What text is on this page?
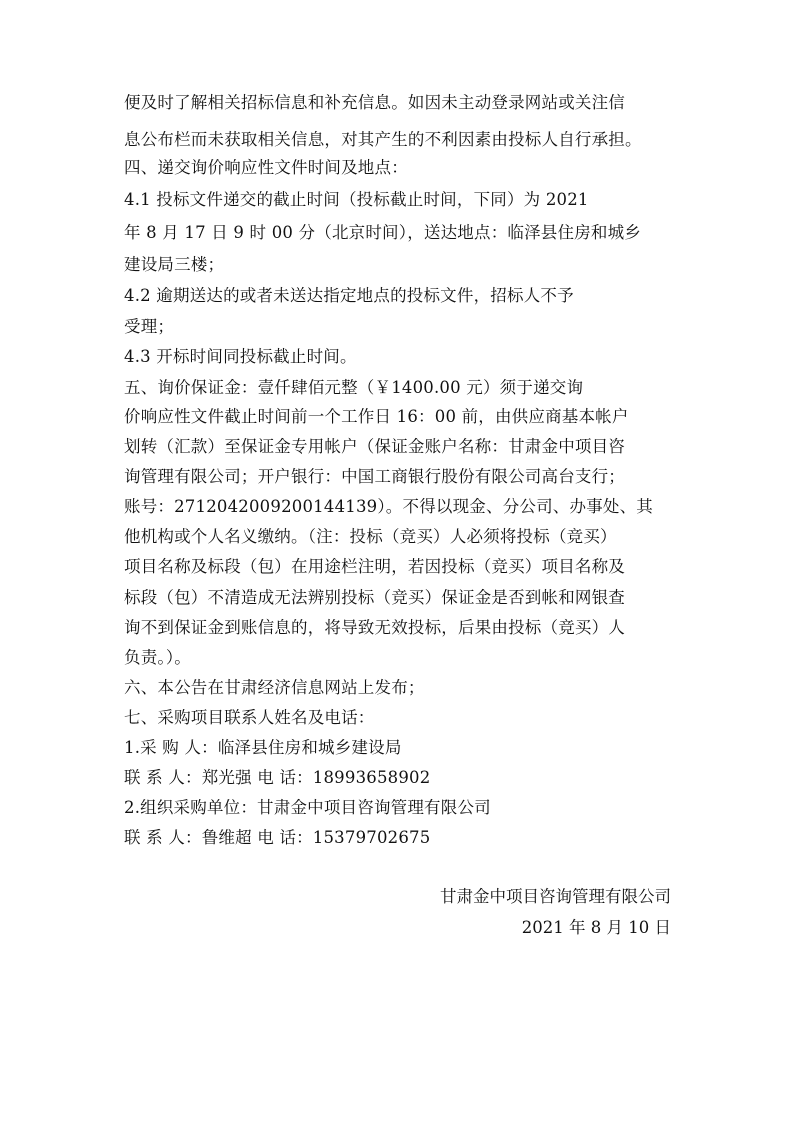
便及时了解相关招标信息和补充信息。如因未主动登录网站或关注信
息公布栏而未获取相关信息，对其产生的不利因素由投标人自行承担。
四、递交询价响应性文件时间及地点：
4.1 投标文件递交的截止时间（投标截止时间，下同）为 2021
年 8 月 17 日 9 时 00 分（北京时间），送达地点：临泽县住房和城乡
建设局三楼；
4.2 逾期送达的或者未送达指定地点的投标文件，招标人不予
受理；
4.3 开标时间同投标截止时间。
五、询价保证金：壹仟肆佰元整（￥1400.00 元）须于递交询
价响应性文件截止时间前一个工作日 16：00 前，由供应商基本帐户
划转（汇款）至保证金专用帐户（保证金账户名称：甘肃金中项目咨
询管理有限公司；开户银行：中国工商银行股份有限公司高台支行；
账号：2712042009200144139）。不得以现金、分公司、办事处、其
他机构或个人名义缴纳。（注：投标（竞买）人必须将投标（竞买）
项目名称及标段（包）在用途栏注明，若因投标（竞买）项目名称及
标段（包）不清造成无法辨别投标（竞买）保证金是否到帐和网银查
询不到保证金到账信息的，将导致无效投标，后果由投标（竞买）人
负责。）。
六、本公告在甘肃经济信息网站上发布；
七、采购项目联系人姓名及电话：
1.采 购 人：临泽县住房和城乡建设局
联 系 人：郑光强 电 话：18993658902
2.组织采购单位：甘肃金中项目咨询管理有限公司
联 系 人：鲁维超 电 话：15379702675
甘肃金中项目咨询管理有限公司
2021 年 8 月 10 日
